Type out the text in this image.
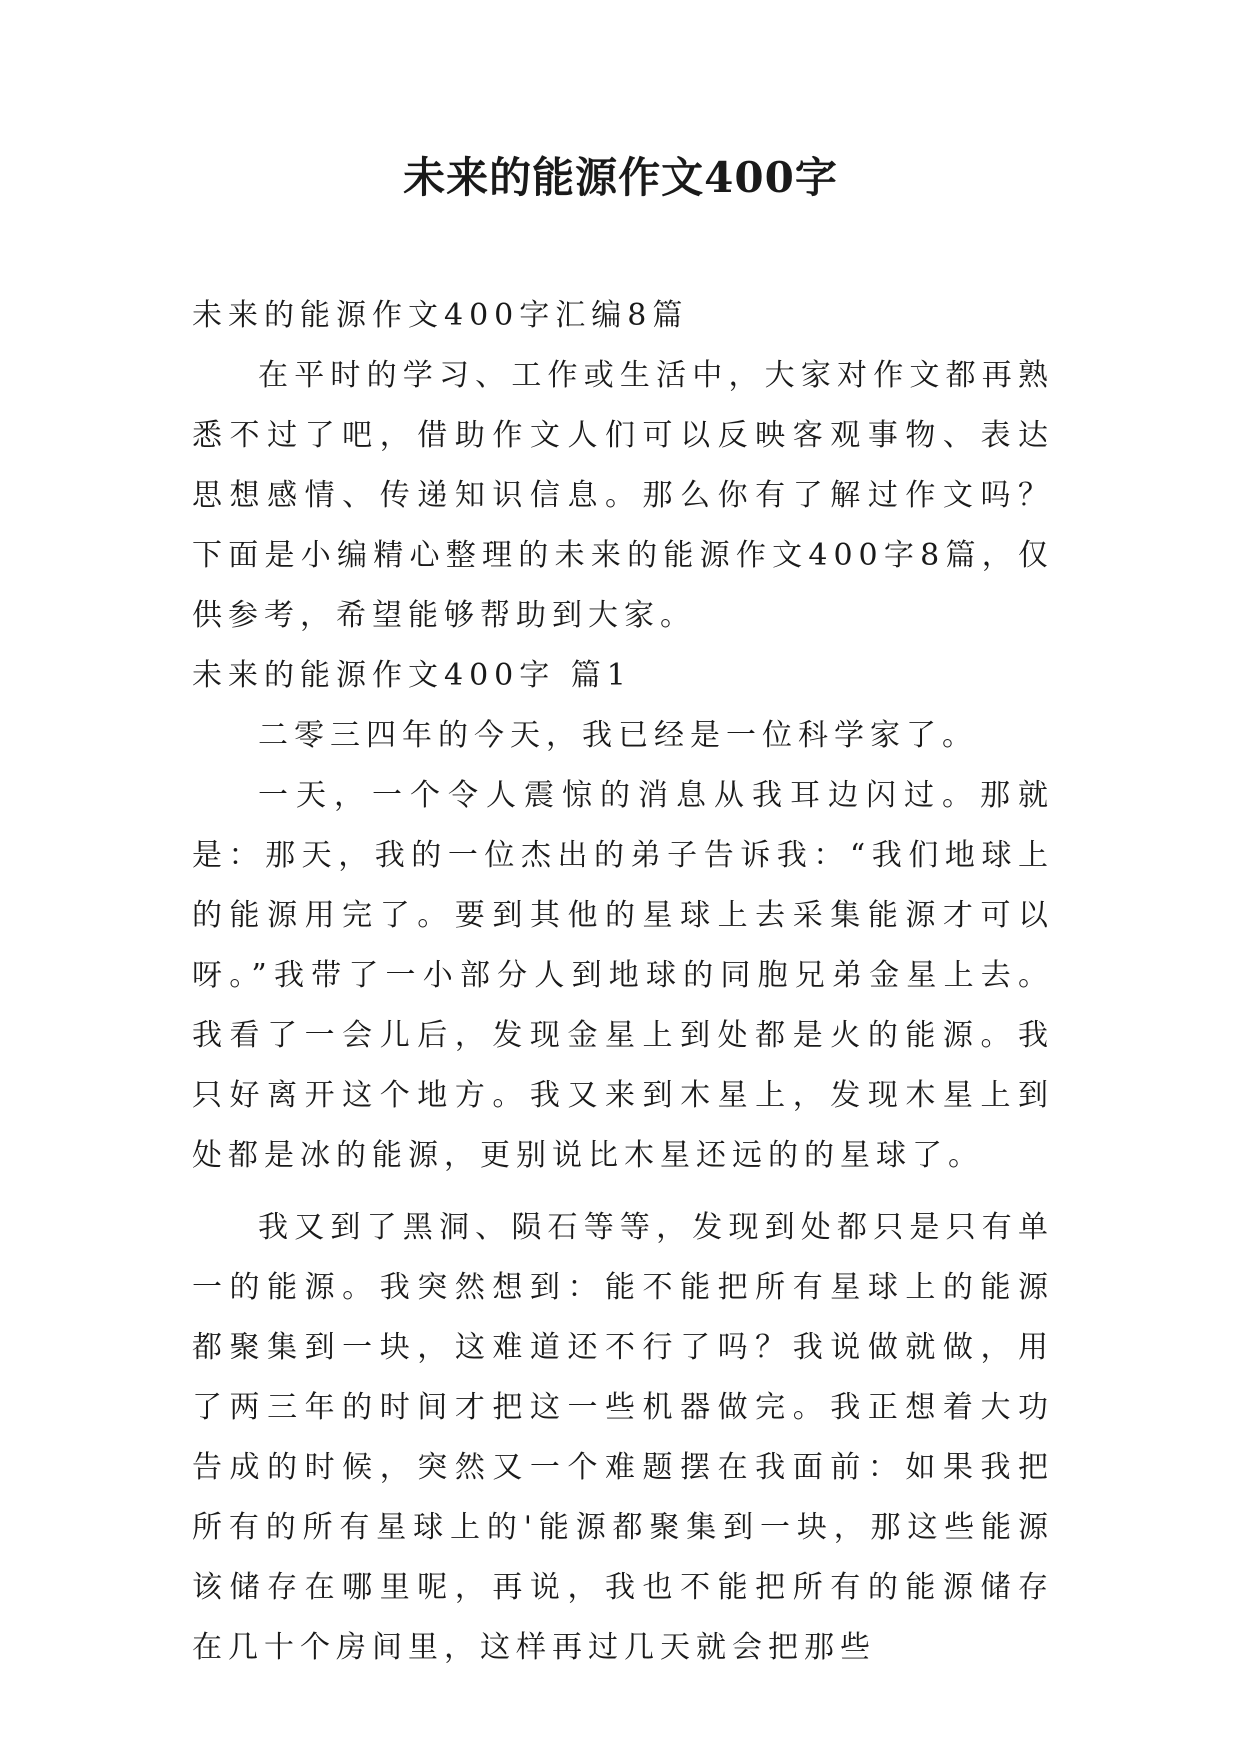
未来的能源作文400字

未来的能源作文400字汇编8篇

在平时的学习、工作或生活中，大家对作文都再熟悉不过了吧，借助作文人们可以反映客观事物、表达思想感情、传递知识信息。那么你有了解过作文吗？下面是小编精心整理的未来的能源作文400字8篇，仅供参考，希望能够帮助到大家。

未来的能源作文400字 篇1

二零三四年的今天，我已经是一位科学家了。

一天，一个令人震惊的消息从我耳边闪过。那就是：那天，我的一位杰出的弟子告诉我：“我们地球上的能源用完了。要到其他的星球上去采集能源才可以呀。”我带了一小部分人到地球的同胞兄弟金星上去。我看了一会儿后，发现金星上到处都是火的能源。我只好离开这个地方。我又来到木星上，发现木星上到处都是冰的能源，更别说比木星还远的的星球了。

我又到了黑洞、陨石等等，发现到处都只是只有单一的能源。我突然想到：能不能把所有星球上的能源都聚集到一块，这难道还不行了吗？我说做就做，用了两三年的时间才把这一些机器做完。我正想着大功告成的时候，突然又一个难题摆在我面前：如果我把所有的所有星球上的'能源都聚集到一块，那这些能源该储存在哪里呢，再说，我也不能把所有的能源储存在几十个房间里，这样再过几天就会把那些
